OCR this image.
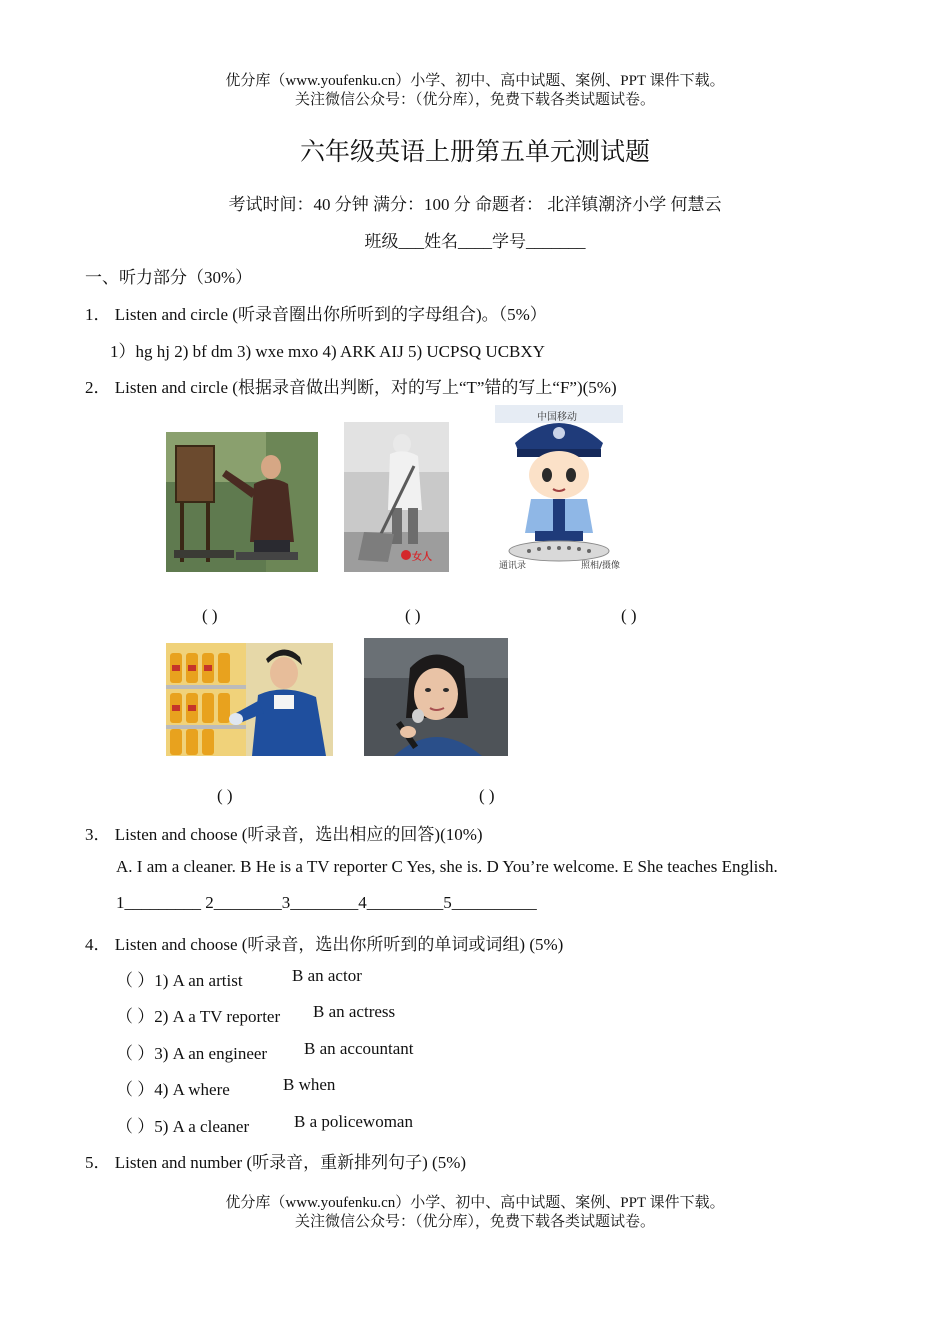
优分库（www.youfenku.cn）小学、初中、高中试题、案例、PPT 课件下载。
关注微信公众号：（优分库），免费下载各类试题试卷。
六年级英语上册第五单元测试题
考试时间：40 分钟 满分：100 分 命题者： 北洋镇潮济小学 何慧云
班级___姓名____学号_______
一、听力部分（30%）
1． Listen and circle (听录音圈出你所听到的字母组合)。（5%）
1）hg hj 2) bf dm 3) wxe mxo 4) ARK AIJ 5) UCPSQ UCBXY
2． Listen and circle (根据录音做出判断，对的写上“T”错的写上“F”)(5%)
女人
中国移动
通讯录	照相/摄像
( )	( )	( )
( )	( )
3． Listen and choose (听录音，选出相应的回答)(10%)
A. I am a cleaner. B He is a TV reporter C Yes, she is. D You’re welcome. E She teaches English.
1_________ 2________3________4_________5__________
4． Listen and choose (听录音，选出你所听到的单词或词组) (5%)
（ ）1) A an artist	B an actor
（ ）2) A a TV reporter B an actress
（ ）3) A an engineer B an accountant
（ ）4) A where	B when
（ ）5) A a cleaner	B a policewoman
5． Listen and number (听录音，重新排列句子) (5%)
优分库（www.youfenku.cn）小学、初中、高中试题、案例、PPT 课件下载。
关注微信公众号：（优分库），免费下载各类试题试卷。
